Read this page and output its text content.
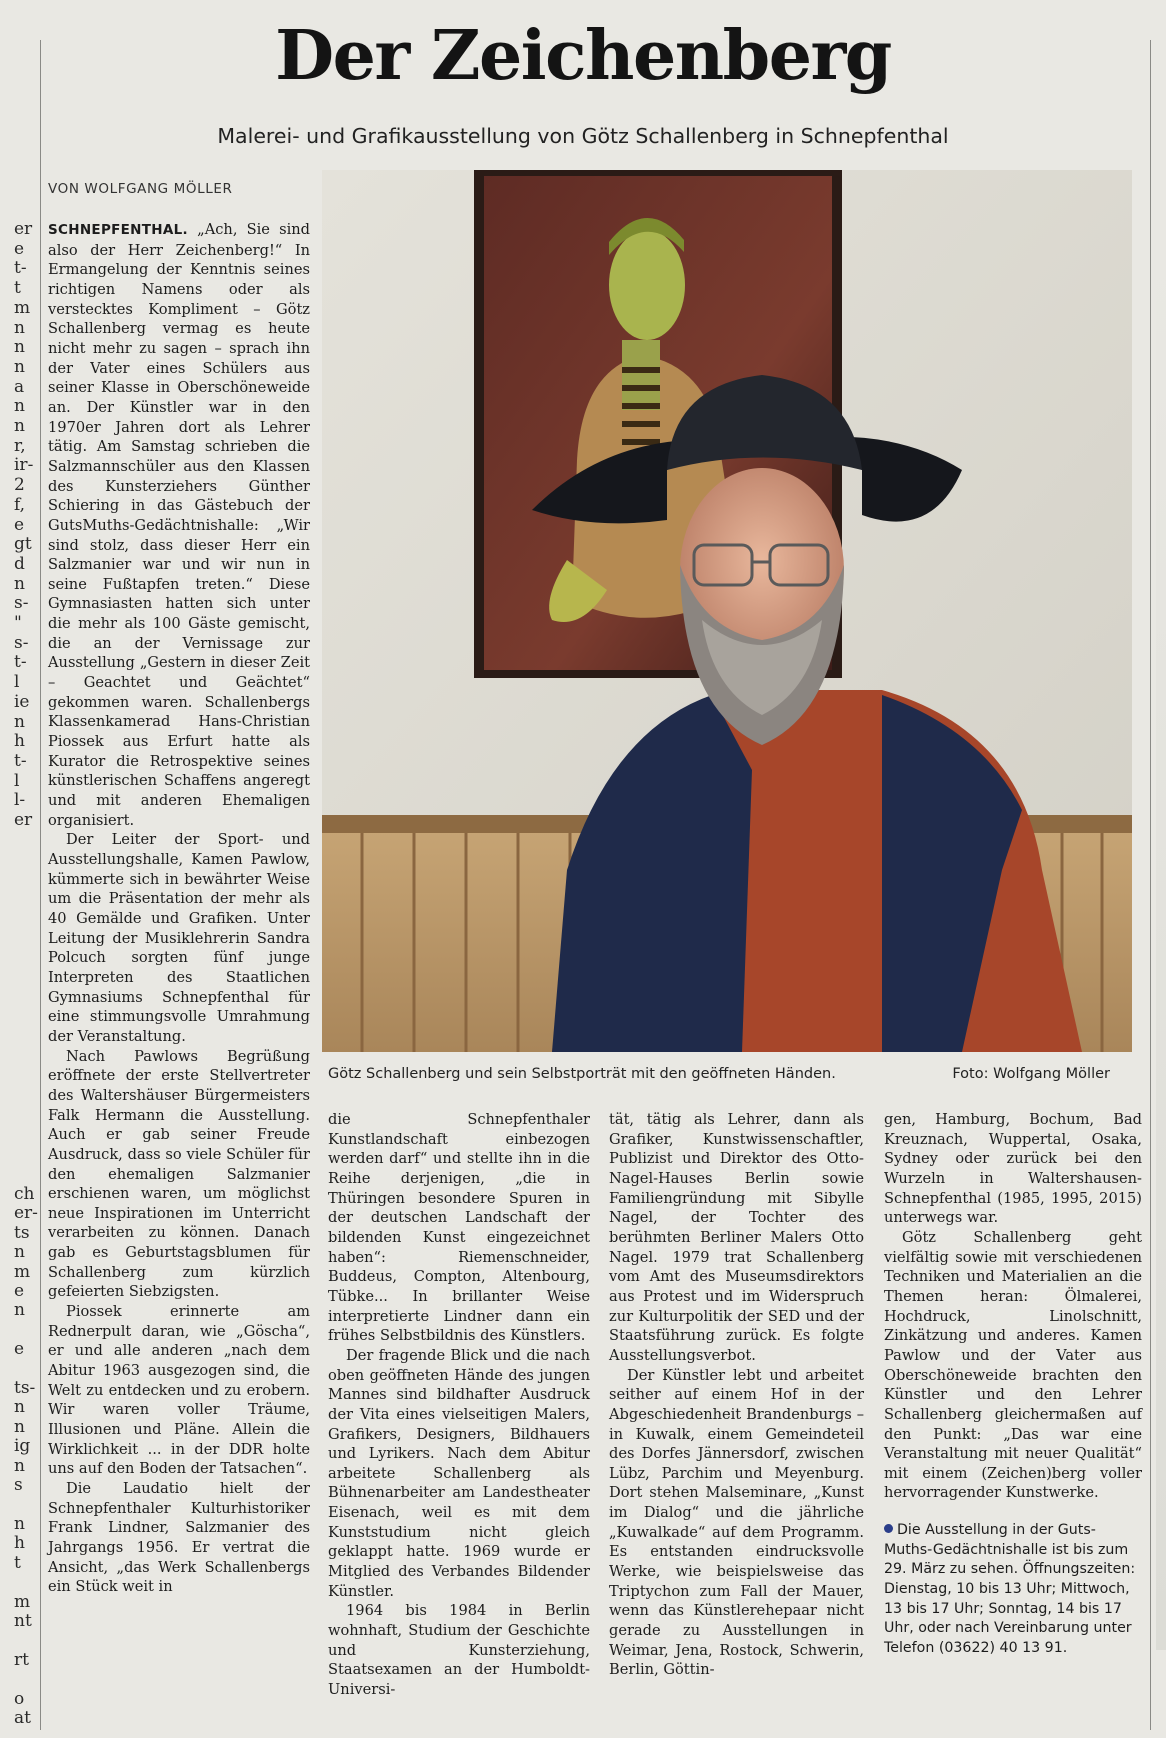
er
e
t-
t
m
n
n
n
a
n
n
r,
ir-
2
f,
e
gt
d
n
s-
"
s-
t-
l
ie
n
h
t-
l
l-
er
ch
er-
ts
n
m
e
n

e

ts-
n
n
ig
n
s

n
h
t

m
nt

rt

o
at
Der Zeichenberg
Malerei- und Grafikausstellung von Götz Schallenberg in Schnepfenthal
VON WOLFGANG MÖLLER

SCHNEPFENTHAL. „Ach, Sie sind also der Herr Zeichenberg!“ In Ermangelung der Kenntnis seines richtigen Namens oder als verstecktes Kompliment – Götz Schallenberg vermag es heute nicht mehr zu sagen – sprach ihn der Vater eines Schülers aus seiner Klasse in Oberschöneweide an. Der Künstler war in den 1970er Jahren dort als Lehrer tätig. Am Samstag schrieben die Salzmannschüler aus den Klassen des Kunsterziehers Günther Schiering in das Gästebuch der GutsMuths-Gedächtnishalle: „Wir sind stolz, dass dieser Herr ein Salzmanier war und wir nun in seine Fußtapfen treten.“ Diese Gymnasiasten hatten sich unter die mehr als 100 Gäste gemischt, die an der Vernissage zur Ausstellung „Gestern in dieser Zeit – Geachtet und Geächtet“ gekommen waren. Schallenbergs Klassenkamerad Hans-Christian Piossek aus Erfurt hatte als Kurator die Retrospektive seines künstlerischen Schaffens angeregt und mit anderen Ehemaligen organisiert.

Der Leiter der Sport- und Ausstellungshalle, Kamen Pawlow, kümmerte sich in bewährter Weise um die Präsentation der mehr als 40 Gemälde und Grafiken. Unter Leitung der Musiklehrerin Sandra Polcuch sorgten fünf junge Interpreten des Staatlichen Gymnasiums Schnepfenthal für eine stimmungsvolle Umrahmung der Veranstaltung.

Nach Pawlows Begrüßung eröffnete der erste Stellvertreter des Waltershäuser Bürgermeisters Falk Hermann die Ausstellung. Auch er gab seiner Freude Ausdruck, dass so viele Schüler für den ehemaligen Salzmanier erschienen waren, um möglichst neue Inspirationen im Unterricht verarbeiten zu können. Danach gab es Geburtstagsblumen für Schallenberg zum kürzlich gefeierten Siebzigsten.

Piossek erinnerte am Rednerpult daran, wie „Göscha“, er und alle anderen „nach dem Abitur 1963 ausgezogen sind, die Welt zu entdecken und zu erobern. Wir waren voller Träume, Illusionen und Pläne. Allein die Wirklichkeit ... in der DDR holte uns auf den Boden der Tatsachen“.

Die Laudatio hielt der Schnepfenthaler Kulturhistoriker Frank Lindner, Salzmanier des Jahrgangs 1956. Er vertrat die Ansicht, „das Werk Schallenbergs ein Stück weit in

Götz Schallenberg und sein Selbstporträt mit den geöffneten Händen.	Foto: Wolfgang Möller

die Schnepfenthaler Kunstlandschaft einbezogen werden darf“ und stellte ihn in die Reihe derjenigen, „die in Thüringen besondere Spuren in der deutschen Landschaft der bildenden Kunst eingezeichnet haben“: Riemenschneider, Buddeus, Compton, Altenbourg, Tübke... In brillanter Weise interpretierte Lindner dann ein frühes Selbstbildnis des Künstlers.

Der fragende Blick und die nach oben geöffneten Hände des jungen Mannes sind bildhafter Ausdruck der Vita eines vielseitigen Malers, Grafikers, Designers, Bildhauers und Lyrikers. Nach dem Abitur arbeitete Schallenberg als Bühnenarbeiter am Landestheater Eisenach, weil es mit dem Kunststudium nicht gleich geklappt hatte. 1969 wurde er Mitglied des Verbandes Bildender Künstler.

1964 bis 1984 in Berlin wohnhaft, Studium der Geschichte und Kunsterziehung, Staatsexamen an der Humboldt-Universi-

tät, tätig als Lehrer, dann als Grafiker, Kunstwissenschaftler, Publizist und Direktor des Otto-Nagel-Hauses Berlin sowie Familiengründung mit Sibylle Nagel, der Tochter des berühmten Berliner Malers Otto Nagel. 1979 trat Schallenberg vom Amt des Museumsdirektors aus Protest und im Widerspruch zur Kulturpolitik der SED und der Staatsführung zurück. Es folgte Ausstellungsverbot.

Der Künstler lebt und arbeitet seither auf einem Hof in der Abgeschiedenheit Brandenburgs – in Kuwalk, einem Gemeindeteil des Dorfes Jännersdorf, zwischen Lübz, Parchim und Meyenburg. Dort stehen Malseminare, „Kunst im Dialog“ und die jährliche „Kuwalkade“ auf dem Programm. Es entstanden eindrucksvolle Werke, wie beispielsweise das Triptychon zum Fall der Mauer, wenn das Künstlerehepaar nicht gerade zu Ausstellungen in Weimar, Jena, Rostock, Schwerin, Berlin, Göttin-

gen, Hamburg, Bochum, Bad Kreuznach, Wuppertal, Osaka, Sydney oder zurück bei den Wurzeln in Waltershausen-Schnepfenthal (1985, 1995, 2015) unterwegs war.

Götz Schallenberg geht vielfältig sowie mit verschiedenen Techniken und Materialien an die Themen heran: Ölmalerei, Hochdruck, Linolschnitt, Zinkätzung und anderes. Kamen Pawlow und der Vater aus Oberschöneweide brachten den Künstler und den Lehrer Schallenberg gleichermaßen auf den Punkt: „Das war eine Veranstaltung mit neuer Qualität“ mit einem (Zeichen)berg voller hervorragender Kunstwerke.

Die Ausstellung in der Guts-Muths-Gedächtnishalle ist bis zum 29. März zu sehen. Öffnungszeiten: Dienstag, 10 bis 13 Uhr; Mittwoch, 13 bis 17 Uhr; Sonntag, 14 bis 17 Uhr, oder nach Vereinbarung unter Telefon (03622) 40 13 91.
